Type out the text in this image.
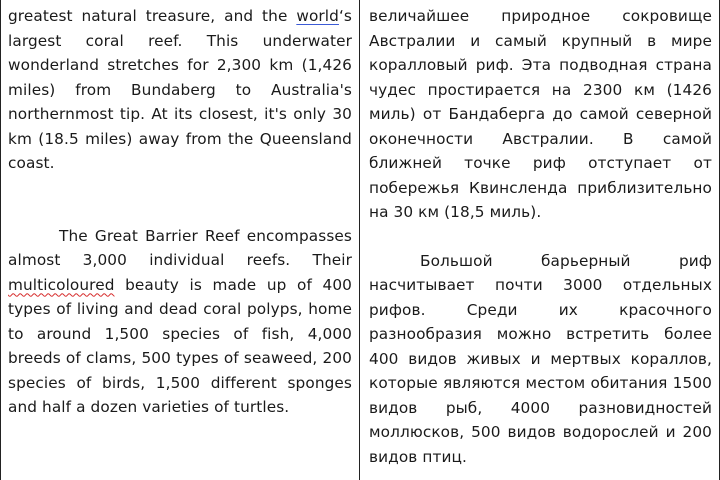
greatest natural treasure, and the world‘s largest coral reef. This underwater wonderland stretches for 2,300 km (1,426 miles) from Bundaberg to Australia's northernmost tip. At its closest, it's only 30 km (18.5 miles) away from the Queensland coast.

The Great Barrier Reef encompasses almost 3,000 individual reefs. Their multicoloured beauty is made up of 400 types of living and dead coral polyps, home to around 1,500 species of fish, 4,000 breeds of clams, 500 types of seaweed, 200 species of birds, 1,500 different sponges and half a dozen varieties of turtles.

величайшее природное сокровище Австралии и самый крупный в мире коралловый риф. Эта подводная страна чудес простирается на 2300 км (1426 миль) от Бандаберга до самой северной оконечности Австралии. В самой ближней точке риф отступает от побережья Квинсленда приблизительно на 30 км (18,5 миль).

Большой барьерный риф насчитывает почти 3000 отдельных рифов. Среди их красочного разнообразия можно встретить более 400 видов живых и мертвых кораллов, которые являются местом обитания 1500 видов рыб, 4000 разновидностей моллюсков, 500 видов водорослей и 200 видов птиц.
